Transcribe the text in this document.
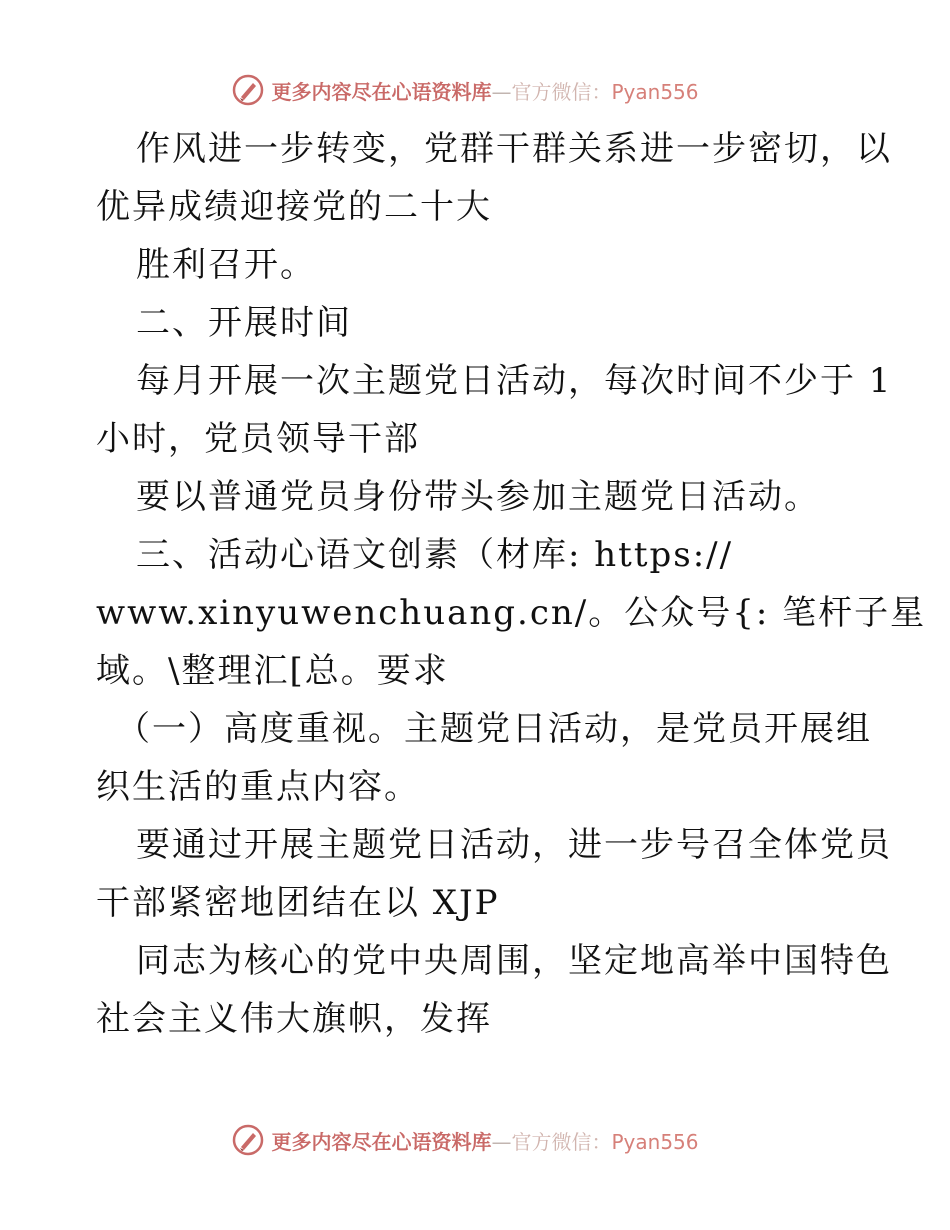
更多内容尽在心语资料库—官方微信：Pyan556
作风进一步转变，党群干群关系进一步密切，以
优异成绩迎接党的二十大
胜利召开。
二、开展时间
每月开展一次主题党日活动，每次时间不少于 1
小时，党员领导干部
要以普通党员身份带头参加主题党日活动。
三、活动心语文创素（材库: https://
www.xinyuwenchuang.cn/。公众号{: 笔杆子星
域。\整理汇[总。要求
（一）高度重视。主题党日活动，是党员开展组
织生活的重点内容。
要通过开展主题党日活动，进一步号召全体党员
干部紧密地团结在以 XJP
同志为核心的党中央周围，坚定地高举中国特色
社会主义伟大旗帜，发挥
更多内容尽在心语资料库—官方微信：Pyan556
